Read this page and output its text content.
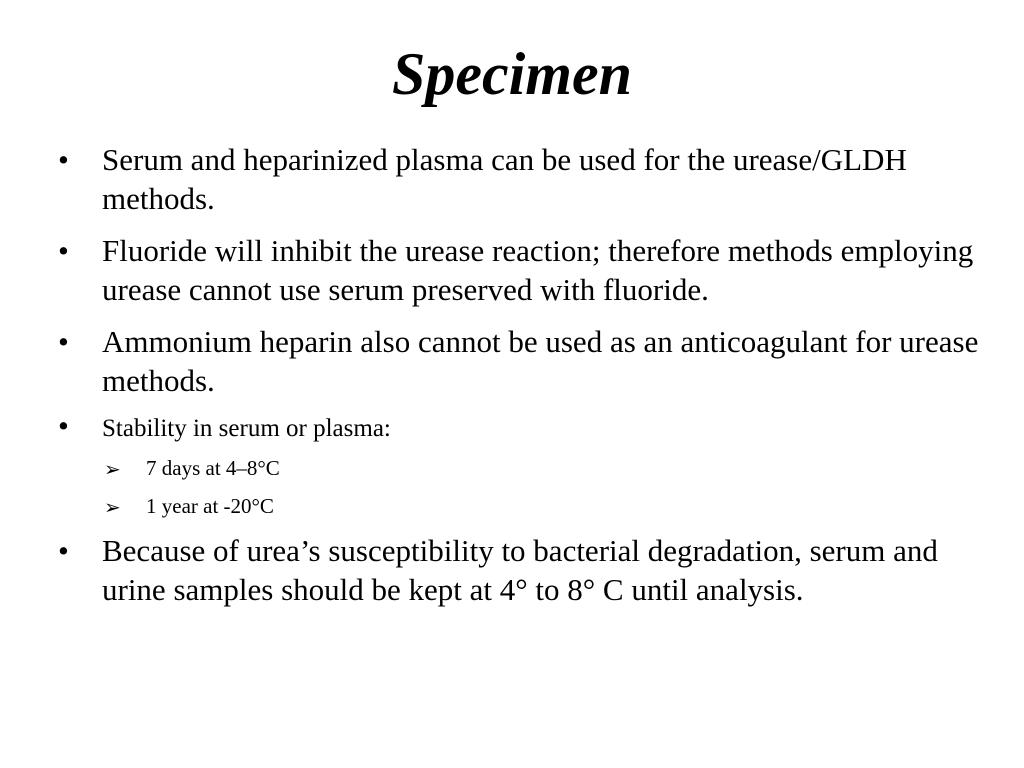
Specimen
• Serum and heparinized plasma can be used for the urease/GLDH methods.
• Fluoride will inhibit the urease reaction; therefore methods employing urease cannot use serum preserved with fluoride.
• Ammonium heparin also cannot be used as an anticoagulant for urease methods.
• Stability in serum or plasma:
➢ 7 days at 4–8°C
➢ 1 year at -20°C
• Because of urea’s susceptibility to bacterial degradation, serum and urine samples should be kept at 4° to 8° C until analysis.
